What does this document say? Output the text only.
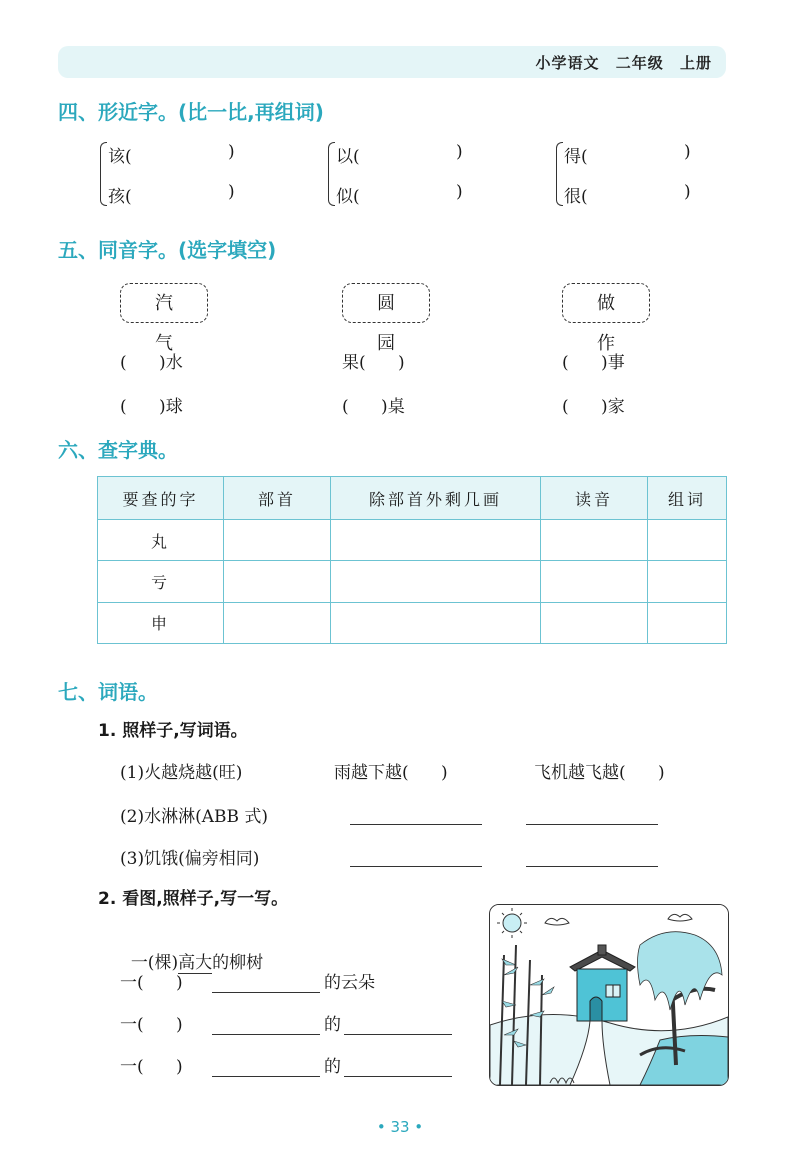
小学语文 二年级 上册
四、形近字。(比一比,再组词)
该(
孩(
)
)
以(
似(
)
)
得(
很(
)
)
五、同音字。(选字填空)
汽 气
圆 园
做 作
(      )水	果(      )	(      )事
(      )球	(      )桌	(      )家
六、查字典。
要查的字	部首	除部首外剩几画	读音	组词
丸				
亏				
申				
七、词语。
1. 照样子,写词语。
(1)火越烧越(旺)	雨越下越(      )	飞机越飞越(      )
(2)水淋淋(ABB 式)
(3)饥饿(偏旁相同)
2. 看图,照样子,写一写。

一(棵)高大的柳树

一(      )	的云朵
一(      )	的
一(      )	的
• 33 •
